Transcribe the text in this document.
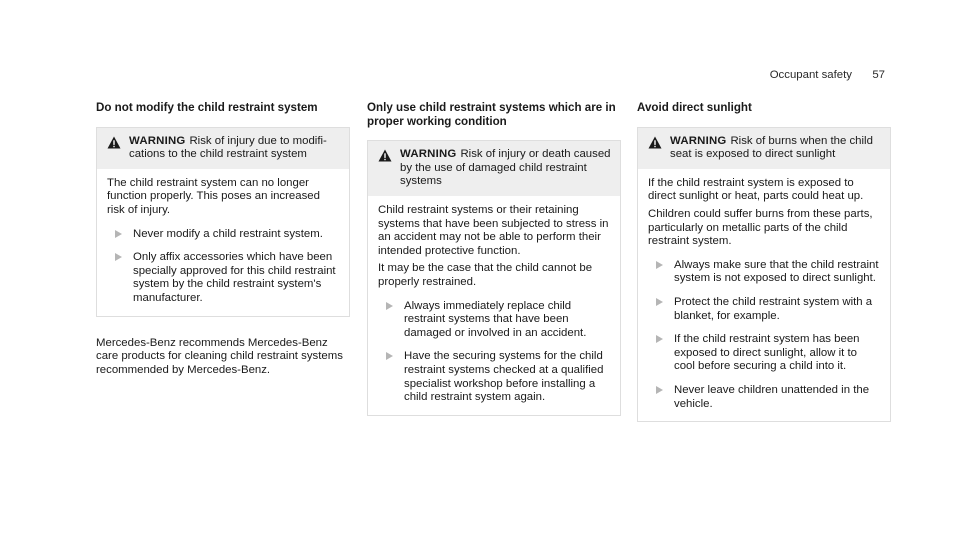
Occupant safety 57
Do not modify the child restraint system
WARNING Risk of injury due to modifi-cations to the child restraint system
The child restraint system can no longer function properly. This poses an increased risk of injury.
Never modify a child restraint system.
Only affix accessories which have been specially approved for this child restraint system by the child restraint system's manufacturer.
Mercedes-Benz recommends Mercedes-Benz care products for cleaning child restraint systems recommended by Mercedes-Benz.
Only use child restraint systems which are in proper working condition
WARNING Risk of injury or death caused by the use of damaged child restraint systems
Child restraint systems or their retaining systems that have been subjected to stress in an accident may not be able to perform their intended protective function.
It may be the case that the child cannot be properly restrained.
Always immediately replace child restraint systems that have been damaged or involved in an accident.
Have the securing systems for the child restraint systems checked at a qualified specialist workshop before installing a child restraint system again.
Avoid direct sunlight
WARNING Risk of burns when the child seat is exposed to direct sunlight
If the child restraint system is exposed to direct sunlight or heat, parts could heat up.
Children could suffer burns from these parts, particularly on metallic parts of the child restraint system.
Always make sure that the child restraint system is not exposed to direct sunlight.
Protect the child restraint system with a blanket, for example.
If the child restraint system has been exposed to direct sunlight, allow it to cool before securing a child into it.
Never leave children unattended in the vehicle.
